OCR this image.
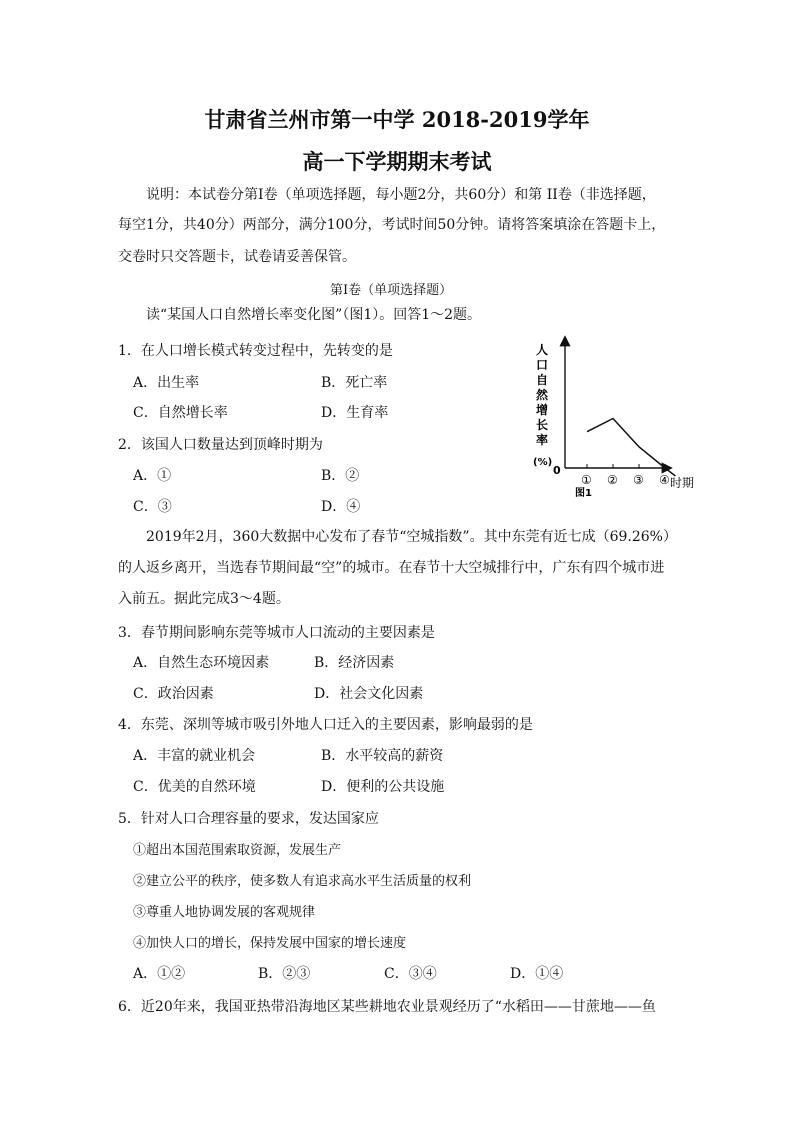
甘肃省兰州市第一中学 2018-2019学年
高一下学期期末考试
说明：本试卷分第Ⅰ卷（单项选择题，每小题2分，共60分）和第 II卷（非选择题，
每空1分，共40分）两部分，满分100分，考试时间50分钟。请将答案填涂在答题卡上，
交卷时只交答题卡，试卷请妥善保管。
第Ⅰ卷（单项选择题）
读“某国人口自然增长率变化图”（图1）。回答1～2题。
1．在人口增长模式转变过程中，先转变的是
A．出生率	B．死亡率
C．自然增长率	D．生育率
2．该国人口数量达到顶峰时期为
A．①	B．②
C．③	D．④
人
口
自
然
增
长
率
(%)
① ② ③ ④
0
时期
图1
2019年2月，360大数据中心发布了春节“空城指数”。其中东莞有近七成（69.26%）
的人返乡离开，当选春节期间最“空”的城市。在春节十大空城排行中，广东有四个城市进
入前五。据此完成3～4题。
3．春节期间影响东莞等城市人口流动的主要因素是
A．自然生态环境因素	B．经济因素
C．政治因素	D．社会文化因素
4．东莞、深圳等城市吸引外地人口迁入的主要因素，影响最弱的是
A．丰富的就业机会	B．水平较高的薪资
C．优美的自然环境	D．便利的公共设施
5．针对人口合理容量的要求，发达国家应
①超出本国范围索取资源，发展生产
②建立公平的秩序，使多数人有追求高水平生活质量的权利
③尊重人地协调发展的客观规律
④加快人口的增长，保持发展中国家的增长速度
A．①②	B．②③	C．③④	D．①④
6．近20年来，我国亚热带沿海地区某些耕地农业景观经历了“水稻田——甘蔗地——鱼
